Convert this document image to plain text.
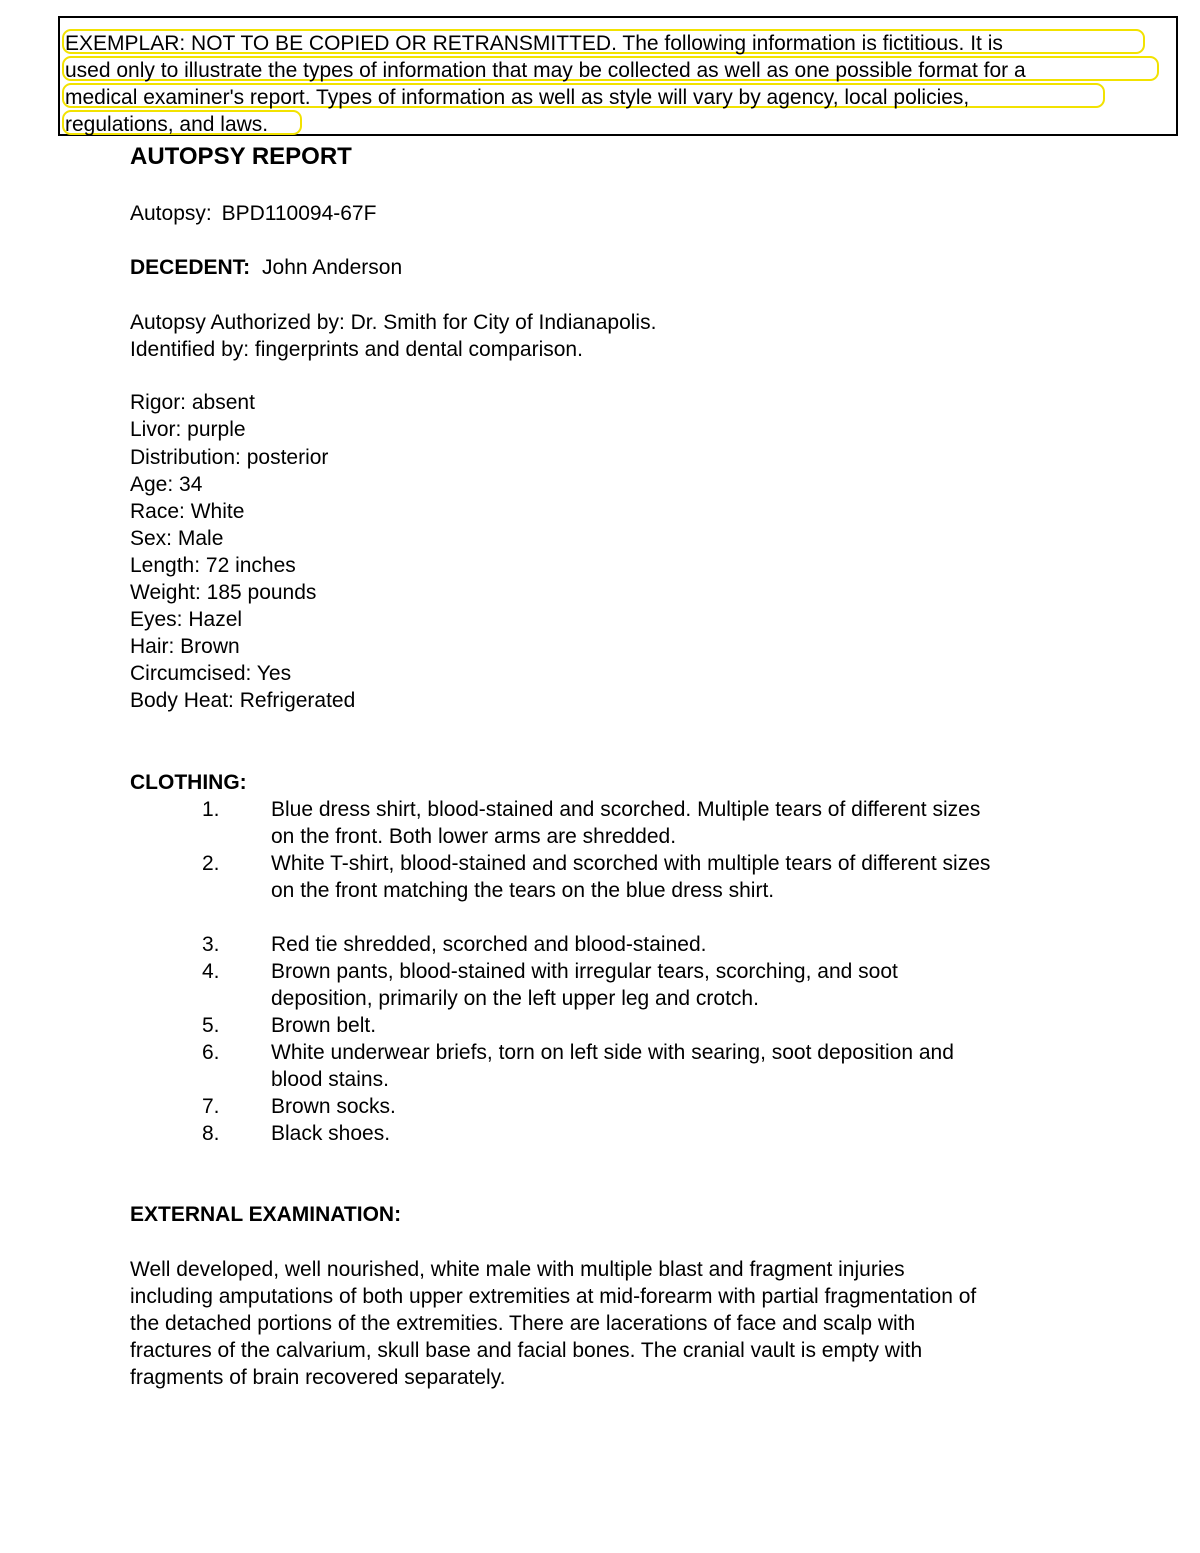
EXEMPLAR: NOT TO BE COPIED OR RETRANSMITTED. The following information is fictitious. It is
used only to illustrate the types of information that may be collected as well as one possible format for a
medical examiner's report. Types of information as well as style will vary by agency, local policies,
regulations, and laws.
AUTOPSY REPORT
Autopsy: BPD110094-67F
DECEDENT: John Anderson
Autopsy Authorized by: Dr. Smith for City of Indianapolis.
Identified by: fingerprints and dental comparison.
Rigor: absent
Livor: purple
Distribution: posterior
Age: 34
Race: White
Sex: Male
Length: 72 inches
Weight: 185 pounds
Eyes: Hazel
Hair: Brown
Circumcised: Yes
Body Heat: Refrigerated
CLOTHING:
1. Blue dress shirt, blood-stained and scorched. Multiple tears of different sizes on the front. Both lower arms are shredded.
2. White T-shirt, blood-stained and scorched with multiple tears of different sizes on the front matching the tears on the blue dress shirt.
3. Red tie shredded, scorched and blood-stained.
4. Brown pants, blood-stained with irregular tears, scorching, and soot deposition, primarily on the left upper leg and crotch.
5. Brown belt.
6. White underwear briefs, torn on left side with searing, soot deposition and blood stains.
7. Brown socks.
8. Black shoes.
EXTERNAL EXAMINATION:
Well developed, well nourished, white male with multiple blast and fragment injuries including amputations of both upper extremities at mid-forearm with partial fragmentation of the detached portions of the extremities. There are lacerations of face and scalp with fractures of the calvarium, skull base and facial bones. The cranial vault is empty with fragments of brain recovered separately.
